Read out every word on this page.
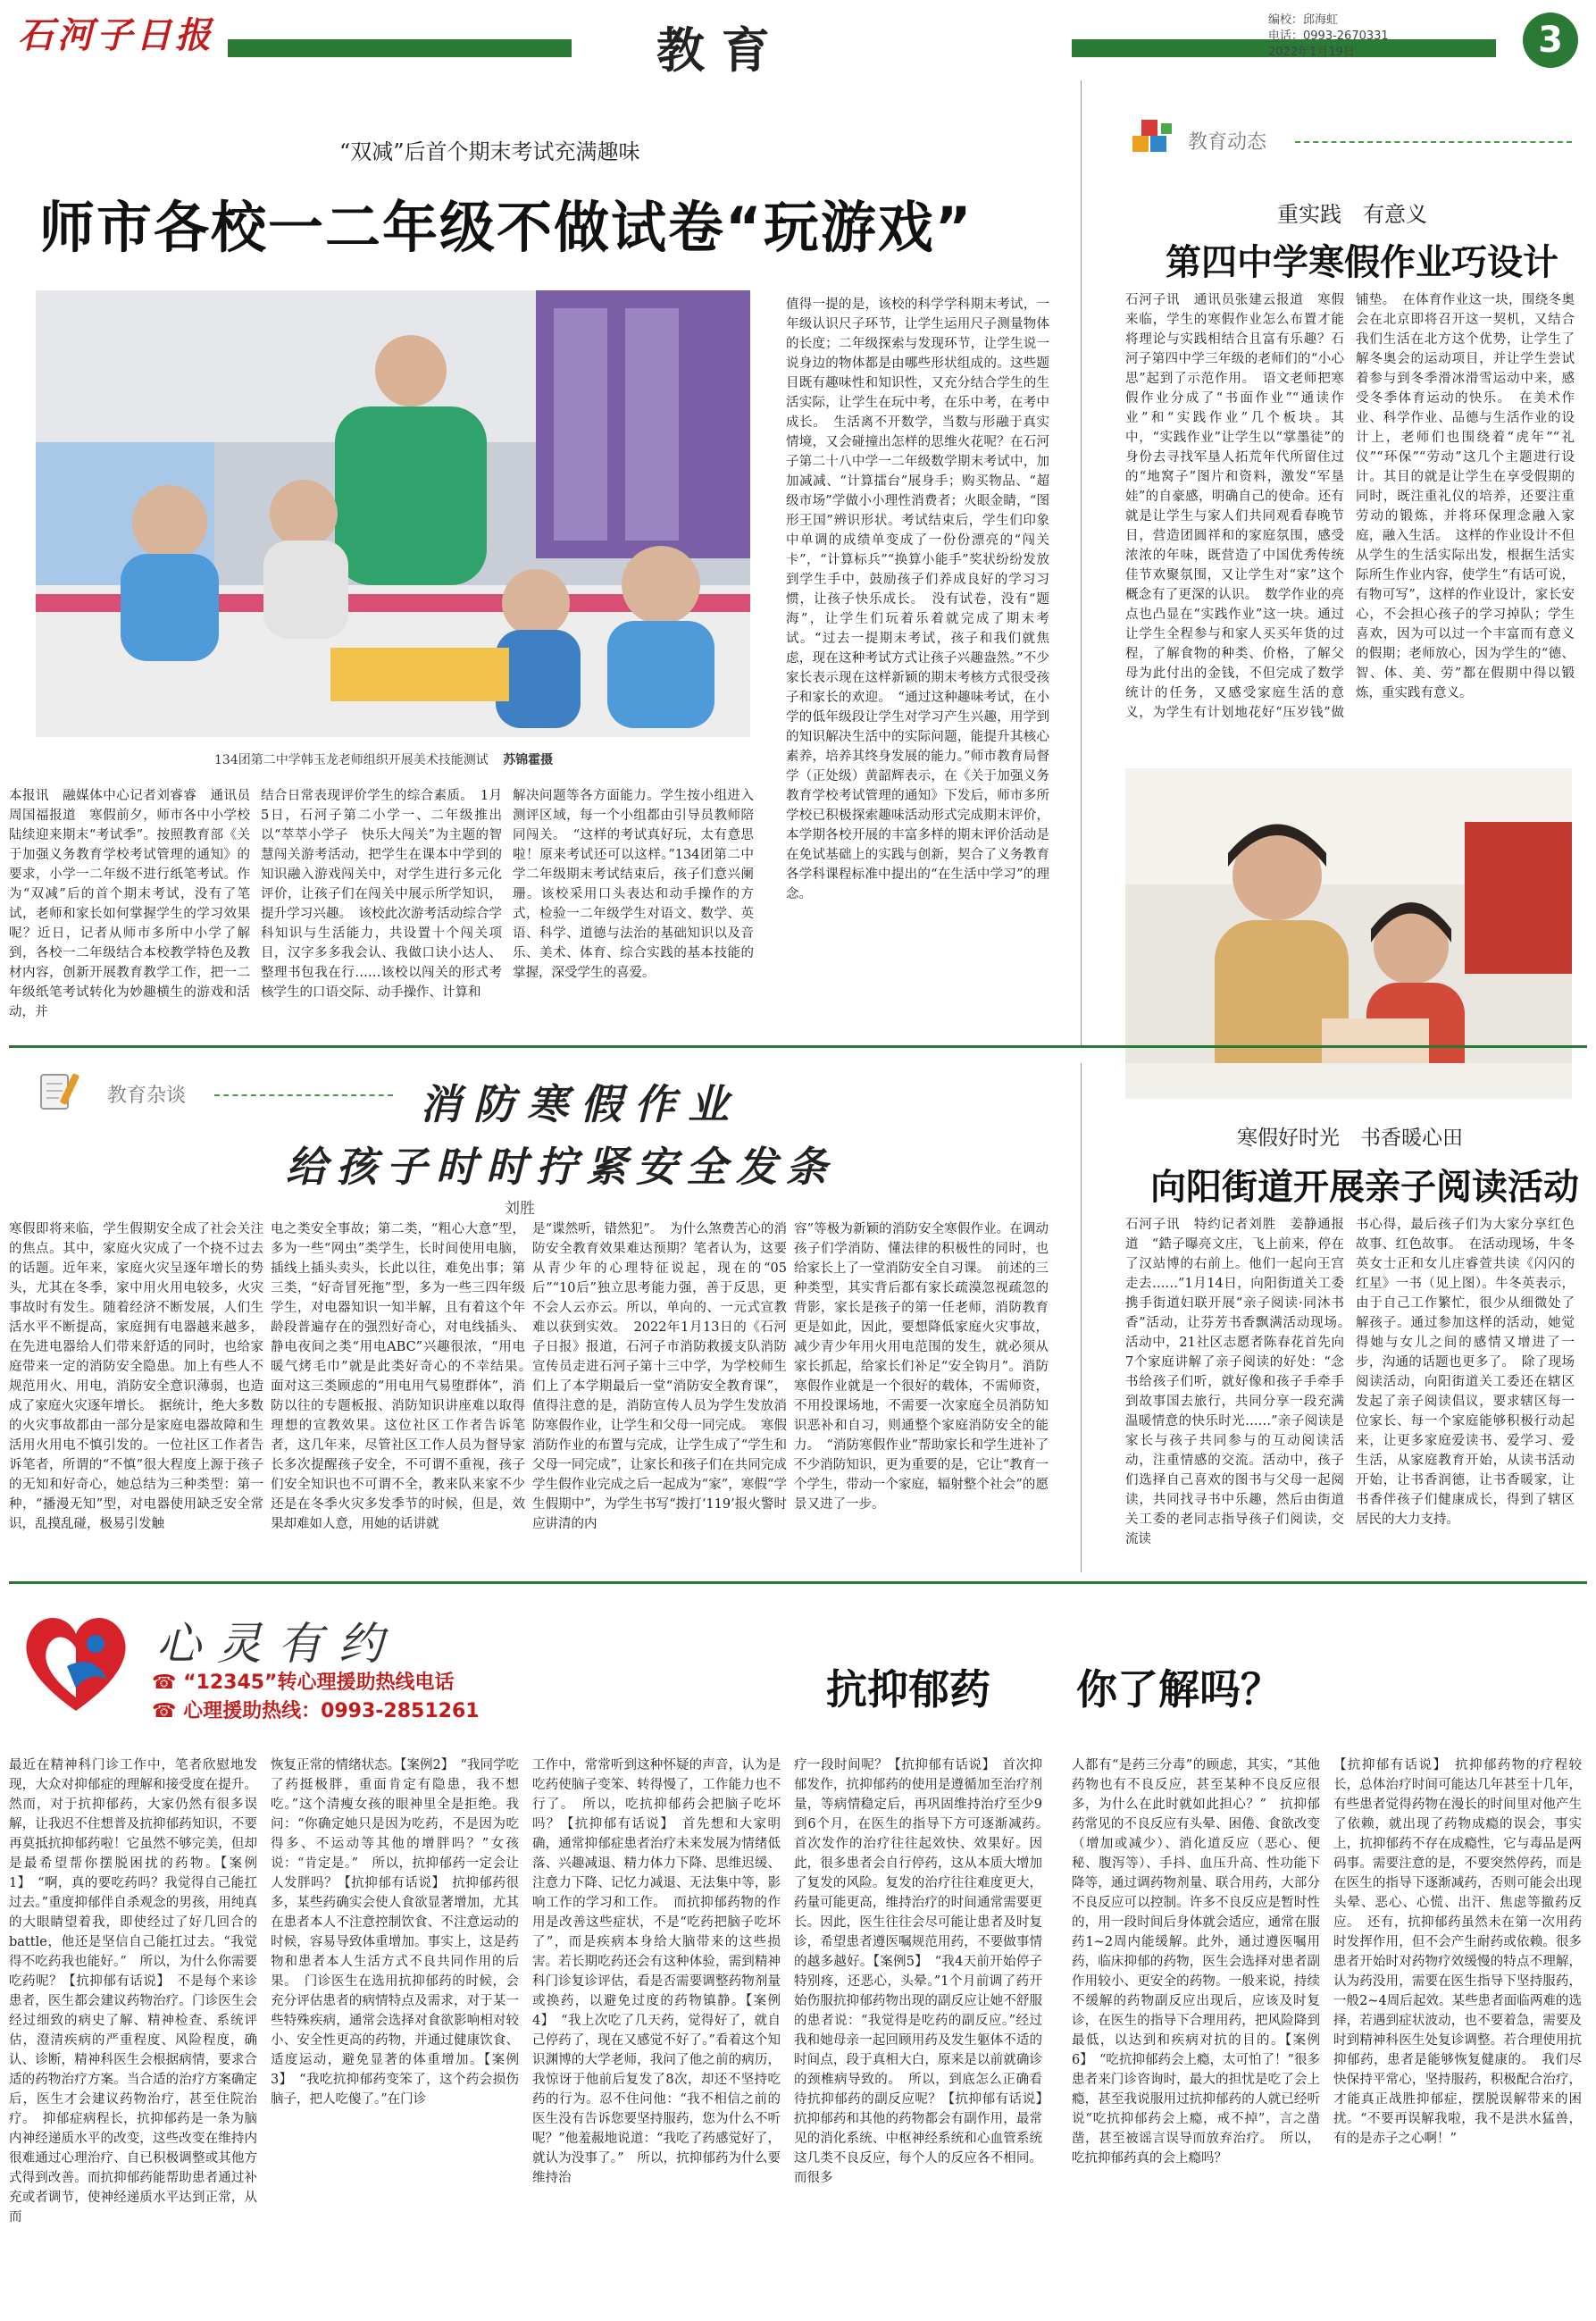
石河子日报	教 育
编校：邱海虹
电话：0993-2670331
2022年1月19日	3
“双减”后首个期末考试充满趣味
师市各校一二年级不做试卷“玩游戏”
134团第二中学韩玉龙老师组织开展美术技能测试 苏锦霍摄
本报讯　融媒体中心记者刘睿睿　通讯员周国福报道　寒假前夕，师市各中小学校陆续迎来期末“考试季”。按照教育部《关于加强义务教育学校考试管理的通知》的要求，小学一二年级不进行纸笔考试。作为“双减”后的首个期末考试，没有了笔试，老师和家长如何掌握学生的学习效果呢？近日，记者从师市多所中小学了解到，各校一二年级结合本校教学特色及教材内容，创新开展教育教学工作，把一二年级纸笔考试转化为妙趣横生的游戏和活动，并
结合日常表现评价学生的综合素质。　1月5日，石河子第二小学一、二年级推出以“萃萃小学子　快乐大闯关”为主题的智慧闯关游考活动，把学生在课本中学到的知识融入游戏闯关中，对学生进行多元化评价，让孩子们在闯关中展示所学知识，提升学习兴趣。　该校此次游考活动综合学科知识与生活能力，共设置十个闯关项目，汉字多多我会认、我做口诀小达人、整理书包我在行……该校以闯关的形式考核学生的口语交际、动手操作、计算和
解决问题等各方面能力。学生按小组进入测评区域，每一个小组都由引导员教师陪同闯关。　“这样的考试真好玩，太有意思啦！原来考试还可以这样。”134团第二中学二年级期末考试结束后，孩子们意兴阑珊。该校采用口头表达和动手操作的方式，检验一二年级学生对语文、数学、英语、科学、道德与法治的基础知识以及音乐、美术、体育、综合实践的基本技能的掌握，深受学生的喜爱。
值得一提的是，该校的科学学科期末考试，一年级认识尺子环节，让学生运用尺子测量物体的长度；二年级探索与发现环节，让学生说一说身边的物体都是由哪些形状组成的。这些题目既有趣味性和知识性，又充分结合学生的生活实际，让学生在玩中考，在乐中考，在考中成长。　生活离不开数学，当数与形融于真实情境，又会碰撞出怎样的思维火花呢？在石河子第二十八中学一二年级数学期末考试中，加加减减、“计算擂台”展身手；购买物品、“超级市场”学做小小理性消费者；火眼金睛，“图形王国”辨识形状。考试结束后，学生们印象中单调的成绩单变成了一份份漂亮的“闯关卡”，“计算标兵”“换算小能手”奖状纷纷发放到学生手中，鼓励孩子们养成良好的学习习惯，让孩子快乐成长。　没有试卷，没有“题海”，让学生们玩着乐着就完成了期末考试。“过去一提期末考试，孩子和我们就焦虑，现在这种考试方式让孩子兴趣盎然。”不少家长表示现在这样新颖的期末考核方式很受孩子和家长的欢迎。　“通过这种趣味考试，在小学的低年级段让学生对学习产生兴趣，用学到的知识解决生活中的实际问题，能提升其核心素养，培养其终身发展的能力。”师市教育局督学（正处级）黄韶辉表示，在《关于加强义务教育学校考试管理的通知》下发后，师市多所学校已积极探索趣味活动形式完成期末评价，本学期各校开展的丰富多样的期末评价活动是在免试基础上的实践与创新，契合了义务教育各学科课程标准中提出的“在生活中学习”的理念。
教育动态
重实践　有意义
第四中学寒假作业巧设计
石河子讯　通讯员张建云报道　寒假来临，学生的寒假作业怎么布置才能将理论与实践相结合且富有乐趣？石河子第四中学三年级的老师们的“小心思”起到了示范作用。　语文老师把寒假作业分成了“书面作业”“通读作业”和“实践作业”几个板块。其中，“实践作业”让学生以“掌墨徒”的身份去寻找军垦人拓荒年代所留住过的“地窝子”图片和资料，激发“军垦娃”的自豪感，明确自己的使命。还有就是让学生与家人们共同观看春晚节目，营造团圆祥和的家庭氛围，感受浓浓的年味，既营造了中国优秀传统佳节欢聚氛围，又让学生对“家”这个概念有了更深的认识。　数学作业的亮点也凸显在“实践作业”这一块。通过让学生全程参与和家人买买年货的过程，了解食物的种类、价格，了解父母为此付出的金钱，不但完成了数学统计的任务，又感受家庭生活的意义，为学生有计划地花好“压岁钱”做
铺垫。　在体育作业这一块，围绕冬奥会在北京即将召开这一契机，又结合我们生活在北方这个优势，让学生了解冬奥会的运动项目，并让学生尝试着参与到冬季滑冰滑雪运动中来，感受冬季体育运动的快乐。　在美术作业、科学作业、品德与生活作业的设计上，老师们也围绕着“虎年”“礼仪”“环保”“劳动”这几个主题进行设计。其目的就是让学生在享受假期的同时，既注重礼仪的培养，还要注重劳动的锻炼，并将环保理念融入家庭，融入生活。　这样的作业设计不但从学生的生活实际出发，根据生活实际所生作业内容，使学生“有话可说，有物可写”，这样的作业设计，家长安心，不会担心孩子的学习掉队；学生喜欢，因为可以过一个丰富而有意义的假期；老师放心，因为学生的“德、智、体、美、劳”都在假期中得以锻炼，重实践有意义。
寒假好时光　书香暖心田
向阳街道开展亲子阅读活动
石河子讯　特约记者刘胜　姜静通报道　“鋯子曝亮文庄，飞上前来，停在了汉站博的右前上。他们一起向王宫走去……”1月14日，向阳街道关工委携手街道妇联开展“亲子阅读·同沐书香”活动，让芬芳书香飘满活动现场。　活动中，21社区志愿者陈春花首先向7个家庭讲解了亲子阅读的好处：“念书给孩子们听，就好像和孩子手牵手到故事国去旅行，共同分享一段充满温暖情意的快乐时光……”亲子阅读是家长与孩子共同参与的互动阅读活动，注重情感的交流。活动中，孩子们选择自己喜欢的图书与父母一起阅读，共同找寻书中乐趣，然后由街道关工委的老同志指导孩子们阅读，交流读
书心得，最后孩子们为大家分享红色故事、红色故事。　在活动现场，牛冬英女士正和女儿庄睿萱共读《闪闪的红星》一书（见上图）。牛冬英表示，由于自己工作繁忙，很少从细微处了解孩子。通过参加这样的活动，她觉得她与女儿之间的感情又增进了一步，沟通的话题也更多了。　除了现场阅读活动，向阳街道关工委还在辖区发起了亲子阅读倡议，要求辖区每一位家长、每一个家庭能够积极行动起来，让更多家庭爱读书、爱学习、爱生活，从家庭教育开始，从读书活动开始，让书香润德，让书香暖家，让书香伴孩子们健康成长，得到了辖区居民的大力支持。
教育杂谈	消防寒假作业
给孩子时时拧紧安全发条
刘胜
寒假即将来临，学生假期安全成了社会关注的焦点。其中，家庭火灾成了一个挠不过去的话题。近年来，家庭火灾呈逐年增长的势头，尤其在冬季，家中用火用电较多，火灾事故时有发生。随着经济不断发展，人们生活水平不断提高，家庭拥有电器越来越多，在先进电器给人们带来舒适的同时，也给家庭带来一定的消防安全隐患。加上有些人不规范用火、用电，消防安全意识薄弱，也造成了家庭火灾逐年增长。　据统计，绝大多数的火灾事故都由一部分是家庭电器故障和生活用火用电不慎引发的。一位社区工作者告诉笔者，所谓的“不慎”很大程度上源于孩子的无知和好奇心，她总结为三种类型：第一种，“播漫无知”型，对电器使用缺乏安全常识，乱摸乱碰，极易引发触
电之类安全事故；第二类，“粗心大意”型，多为一些“网虫”类学生，长时间使用电脑，插线上插头卖头，长此以往，难免出事；第三类，“好奇冒死拖”型，多为一些三四年级学生，对电器知识一知半解，且有着这个年龄段普遍存在的强烈好奇心，对电线插头、静电夜间之类“用电ABC”兴趣很浓，“用电暖气烤毛巾”就是此类好奇心的不幸结果。　面对这三类顾虑的“用电用气易堕群体”，消防以往的专题板报、消防知识讲座难以取得理想的宣教效果。这位社区工作者告诉笔者，这几年来，尽管社区工作人员为督导家长多次提醒孩子安全，不可谓不重视，孩子们安全知识也不可谓不全，教来队来家不少还是在冬季火灾多发季节的时候，但是，效果却难如人意，用她的话讲就
是“谍然听，错然犯”。　为什么煞费苦心的消防安全教育效果难达预期？笔者认为，这要从青少年的心理特征说起，现在的“05后”“10后”独立思考能力强，善于反思，更不会人云亦云。所以，单向的、一元式宣教难以获到实效。　2022年1月13日的《石河子日报》报道，石河子市消防救援支队消防宣传员走进石河子第十三中学，为学校师生们上了本学期最后一堂“消防安全教育课”，值得注意的是，消防宣传人员为学生发放消防寒假作业，让学生和父母一同完成。　寒假消防作业的布置与完成，让学生成了“学生和父母一同完成”，让家长和孩子们在共同完成学生假作业完成之后一起成为“家”，寒假“学生假期中”，为学生书写“拨打‘119’报火警时应讲清的内
容”等极为新颖的消防安全寒假作业。在调动孩子们学消防、懂法律的积极性的同时，也给家长上了一堂消防安全自习课。　前述的三种类型，其实背后都有家长疏漠忽视疏忽的背影，家长是孩子的第一任老师，消防教育更是如此，因此，要想降低家庭火灾事故，减少青少年用火用电范围的发生，就必须从家长抓起，给家长们补足“安全钩月”。消防寒假作业就是一个很好的载体，不需师资，不用投课场地，不需要一次家庭全员消防知识恶补和自习，则通整个家庭消防安全的能力。　“消防寒假作业”帮助家长和学生进补了不少消防知识，更为重要的是，它让“教育一个学生，带动一个家庭，辐射整个社会”的愿景又进了一步。
心灵有约
☎ “12345”转心理援助热线电话
☎ 心理援助热线：0993-2851261	抗抑郁药 你了解吗？
最近在精神科门诊工作中，笔者欣慰地发现，大众对抑郁症的理解和接受度在提升。然而，对于抗抑郁药，大家仍然有很多误解，让我迟不住想普及抗抑郁药知识，不要再莫抵抗抑郁药啦！它虽然不够完美，但却是最希望帮你摆脱困扰的药物。【案例1】　“啊，真的要吃药吗？我觉得自己能扛过去。”重度抑郁伴自杀观念的男孩，用纯真的大眼睛望着我，即使经过了好几回合的battle，他还是坚信自己能扛过去。“我觉得不吃药我也能好。”　所以，为什么你需要吃药呢？【抗抑郁有话说】　不是每个来诊患者，医生都会建议药物治疗。门诊医生会经过细致的病史了解、精神检查、系统评估，澄清疾病的严重程度、风险程度，确认、诊断，精神科医生会根据病情，要求合适的药物治疗方案。当合适的治疗方案确定后，医生才会建议药物治疗，甚至住院治疗。　抑郁症病程长，抗抑郁药是一条为脑内神经递质水平的改变，这些改变在维持内很难通过心理治疗、自已积极调整或其他方式得到改善。而抗抑郁药能帮助患者通过补充或者调节，使神经递质水平达到正常，从而
恢复正常的情绪状态。【案例2】　“我同学吃了药挺极胖，重面肯定有隐患，我不想吃。”这个清瘦女孩的眼神里全是拒绝。我问：“你确定她只是因为吃药，不是因为吃得多、不运动等其他的增胖吗？”女孩说：“肯定是。”　所以，抗抑郁药一定会让人发胖吗？【抗抑郁有话说】　抗抑郁药很多，某些药确实会使人食欲显著增加，尤其在患者本人不注意控制饮食、不注意运动的时候，容易导致体重增加。事实上，这是药物和患者本人生活方式不良共同作用的后果。　门诊医生在选用抗抑郁药的时候，会充分评估患者的病情特点及需求，对于某一些特殊疾病，通常会选择对食欲影响相对较小、安全性更高的药物，并通过健康饮食、适度运动，避免显著的体重增加。【案例3】　“我吃抗抑郁药变笨了，这个药会损伤脑子，把人吃傻了。”在门诊
工作中，常常听到这种怀疑的声音，认为是吃药使脑子变笨、转得慢了，工作能力也不行了。　所以，吃抗抑郁药会把脑子吃坏吗？【抗抑郁有话说】　首先想和大家明确，通常抑郁症患者治疗未来发展为情绪低落、兴趣减退、精力体力下降、思维迟缓、注意力下降、记忆力减退、无法集中等，影响工作的学习和工作。　而抗抑郁药物的作用是改善这些症状，不是“吃药把脑子吃坏了”，而是疾病本身给大脑带来的这些损害。若长期吃药还会有这种体验，需到精神科门诊复诊评估，看是否需要调整药物剂量或换药，以避免过度的药物镇静。【案例4】　“我上次吃了几天药，觉得好了，就自己停药了，现在又感觉不好了。”看着这个知识渊博的大学老师，我问了他之前的病历，我惊讶于他前后复发了8次，却还不坚持吃药的行为。忍不住问他：“我不相信之前的医生没有告诉您要坚持服药，您为什么不听呢？”他羞赧地说道：“我吃了药感觉好了，就认为没事了。”　所以，抗抑郁药为什么要维持治
疗一段时间呢？【抗抑郁有话说】　首次抑郁发作，抗抑郁药的使用是遵循加至治疗剂量，等病情稳定后，再巩固维持治疗至少9到6个月，在医生的指导下方可逐渐减药。　首次发作的治疗往往起效快、效果好。因此，很多患者会自行停药，这从本质大增加了复发的风险。复发的治疗往往难度更大，药量可能更高，维持治疗的时间通常需要更长。因此，医生往往会尽可能让患者及时复诊，希望患者遵医嘱规范用药，不要做事情的越多越好。【案例5】　“我4天前开始停子特别疼，还恶心，头晕。”1个月前调了药开始伤服抗抑郁药物出现的副反应让她不舒服的患者说：“我觉得是吃药的副反应。”经过我和她母亲一起回顾用药及发生躯体不适的时间点，段于真相大白，原来是以前就确诊的颈椎病导致的。　所以，到底怎么正确看待抗抑郁药的副反应呢？【抗抑郁有话说】　抗抑郁药和其他的药物都会有副作用，最常见的消化系统、中枢神经系统和心血管系统这几类不良反应，每个人的反应各不相同。而很多
人都有“是药三分毒”的顾虑，其实，“其他药物也有不良反应，甚至某种不良反应很多，为什么在此时就如此担心？”　抗抑郁药常见的不良反应有头晕、困倦、食欲改变（增加或减少）、消化道反应（恶心、便秘、腹泻等）、手抖、血压升高、性功能下降等，通过调药物剂量、联合用药，大部分不良反应可以控制。许多不良反应是暂时性的，用一段时间后身体就会适应，通常在服药1~2周内能缓解。此外，通过遵医嘱用药，临床抑郁的药物，医生会选择对患者副作用较小、更安全的药物。一般来说，持续不缓解的药物副反应出现后，应该及时复诊，在医生的指导下合理用药，把风险降到最低，以达到和疾病对抗的目的。【案例6】　“吃抗抑郁药会上瘾，太可怕了！”很多患者来门诊咨询时，最大的担忧是吃了会上瘾，甚至我说服用过抗抑郁药的人就已经听说“吃抗抑郁药会上瘾，戒不掉”，言之凿凿，甚至被谣言误导而放弃治疗。　所以，吃抗抑郁药真的会上瘾吗？
【抗抑郁有话说】　抗抑郁药物的疗程较长，总体治疗时间可能达几年甚至十几年，有些患者觉得药物在漫长的时间里对他产生了依赖，就出现了药物成瘾的误会，事实上，抗抑郁药不存在成瘾性，它与毒品是两码事。需要注意的是，不要突然停药，而是在医生的指导下逐渐减药，否则可能会出现头晕、恶心、心慌、出汗、焦虑等撤药反应。　还有，抗抑郁药虽然未在第一次用药时发挥作用，但不会产生耐药或依赖。很多患者开始时对药物疗效缓慢的特点不理解，认为药没用，需要在医生指导下坚持服药，一般2~4周后起效。某些患者面临两难的选择，若遇到症状波动，也不要着急，需要及时到精神科医生处复诊调整。若合理使用抗抑郁药，患者是能够恢复健康的。　我们尽快保持平常心，坚持服药，积极配合治疗，才能真正战胜抑郁症，摆脱误解带来的困扰。“不要再误解我啦，我不是洪水猛兽，有的是赤子之心啊！”
